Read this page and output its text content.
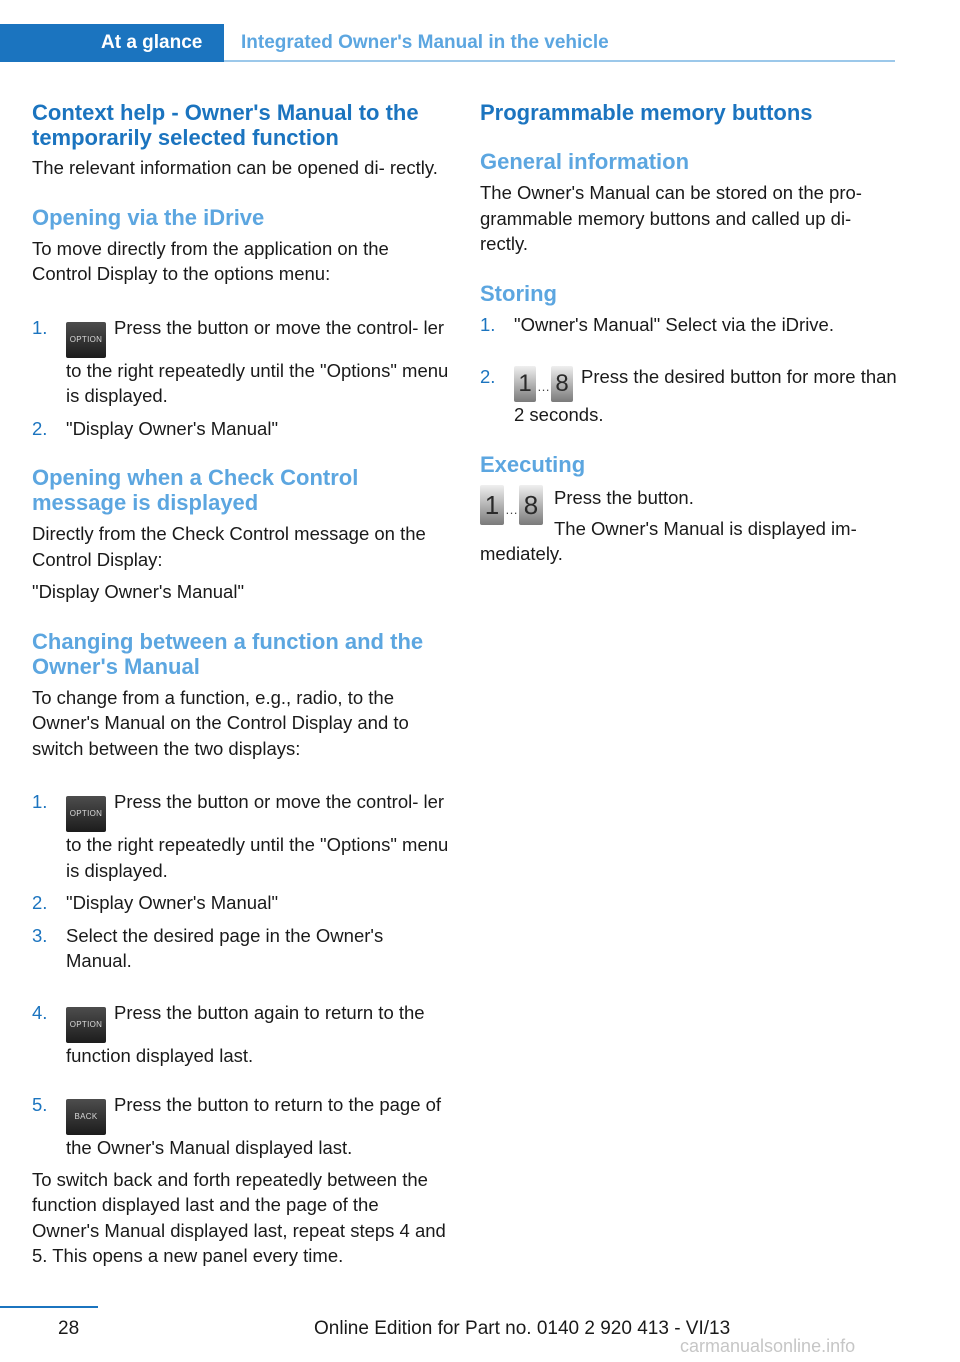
At a glance Integrated Owner's Manual in the vehicle
Context help - Owner's Manual to the
temporarily selected function

The relevant information can be opened di‐ rectly.

Opening via the iDrive

To move directly from the application on the Control Display to the options menu:

1.
OPTIONPress the button or move the control‐ ler to the right repeatedly until the "Options" menu is displayed.
2. "Display Owner's Manual"
Opening when a Check Control
message is displayed

Directly from the Check Control message on the Control Display:

"Display Owner's Manual"

Changing between a function and the
Owner's Manual

To change from a function, e.g., radio, to the Owner's Manual on the Control Display and to switch between the two displays:

1.
OPTIONPress the button or move the control‐ ler to the right repeatedly until the "Options" menu is displayed.
2. "Display Owner's Manual"
3. Select the desired page in the Owner's Manual.
4.
OPTIONPress the button again to return to the function displayed last.
5.
BACKPress the button to return to the page of the Owner's Manual displayed last.

To switch back and forth repeatedly between the function displayed last and the page of the Owner's Manual displayed last, repeat steps 4 and 5. This opens a new panel every time.

Programmable memory buttons
General information

The Owner's Manual can be stored on the pro‐ grammable memory buttons and called up di‐ rectly.

Storing
1. "Owner's Manual" Select via the iDrive.
2. 1 … 8 Press the desired button for more than 2 seconds.
Executing
1 … 8 Press the button.

The Owner's Manual is displayed im‐

mediately.

28	Online Edition for Part no. 0140 2 920 413 - VI/13
carmanualsonline.info
